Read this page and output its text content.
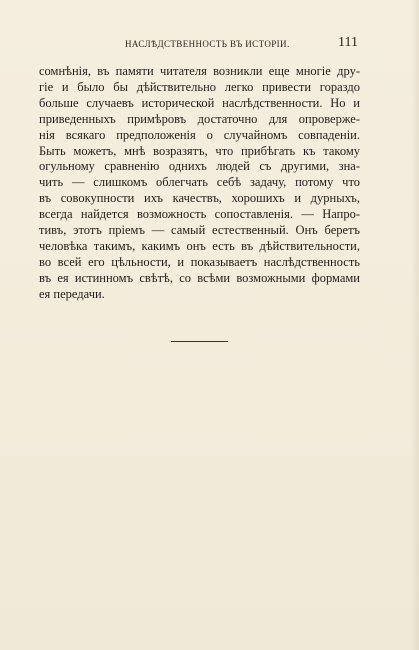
НАСЛѢДСТВЕННОСТЬ ВЪ ИСТОРІИ.	111
сомнѣнія, въ памяти читателя возникли еще многіе дру-
гіе и было бы дѣйствительно легко привести гораздо
больше случаевъ исторической наслѣдственности. Но и
приведенныхъ примѣровъ достаточно для опроверже-
нія всякаго предположенія о случайномъ совпаденіи.
Быть можетъ, мнѣ возразятъ, что прибѣгать къ такому
огульному сравненію однихъ людей съ другими, зна-
чить — слишкомъ облегчать себѣ задачу, потому что
въ совокупности ихъ качествъ, хорошихъ и дурныхъ,
всегда найдется возможность сопоставленія. — Напро-
тивъ, этотъ пріемъ — самый естественный. Онъ беретъ
человѣка такимъ, какимъ онъ есть въ дѣйствительности,
во всей его цѣльности, и показываетъ наслѣдственность
въ ея истинномъ свѣтѣ, со всѣми возможными формами
ея передачи.
